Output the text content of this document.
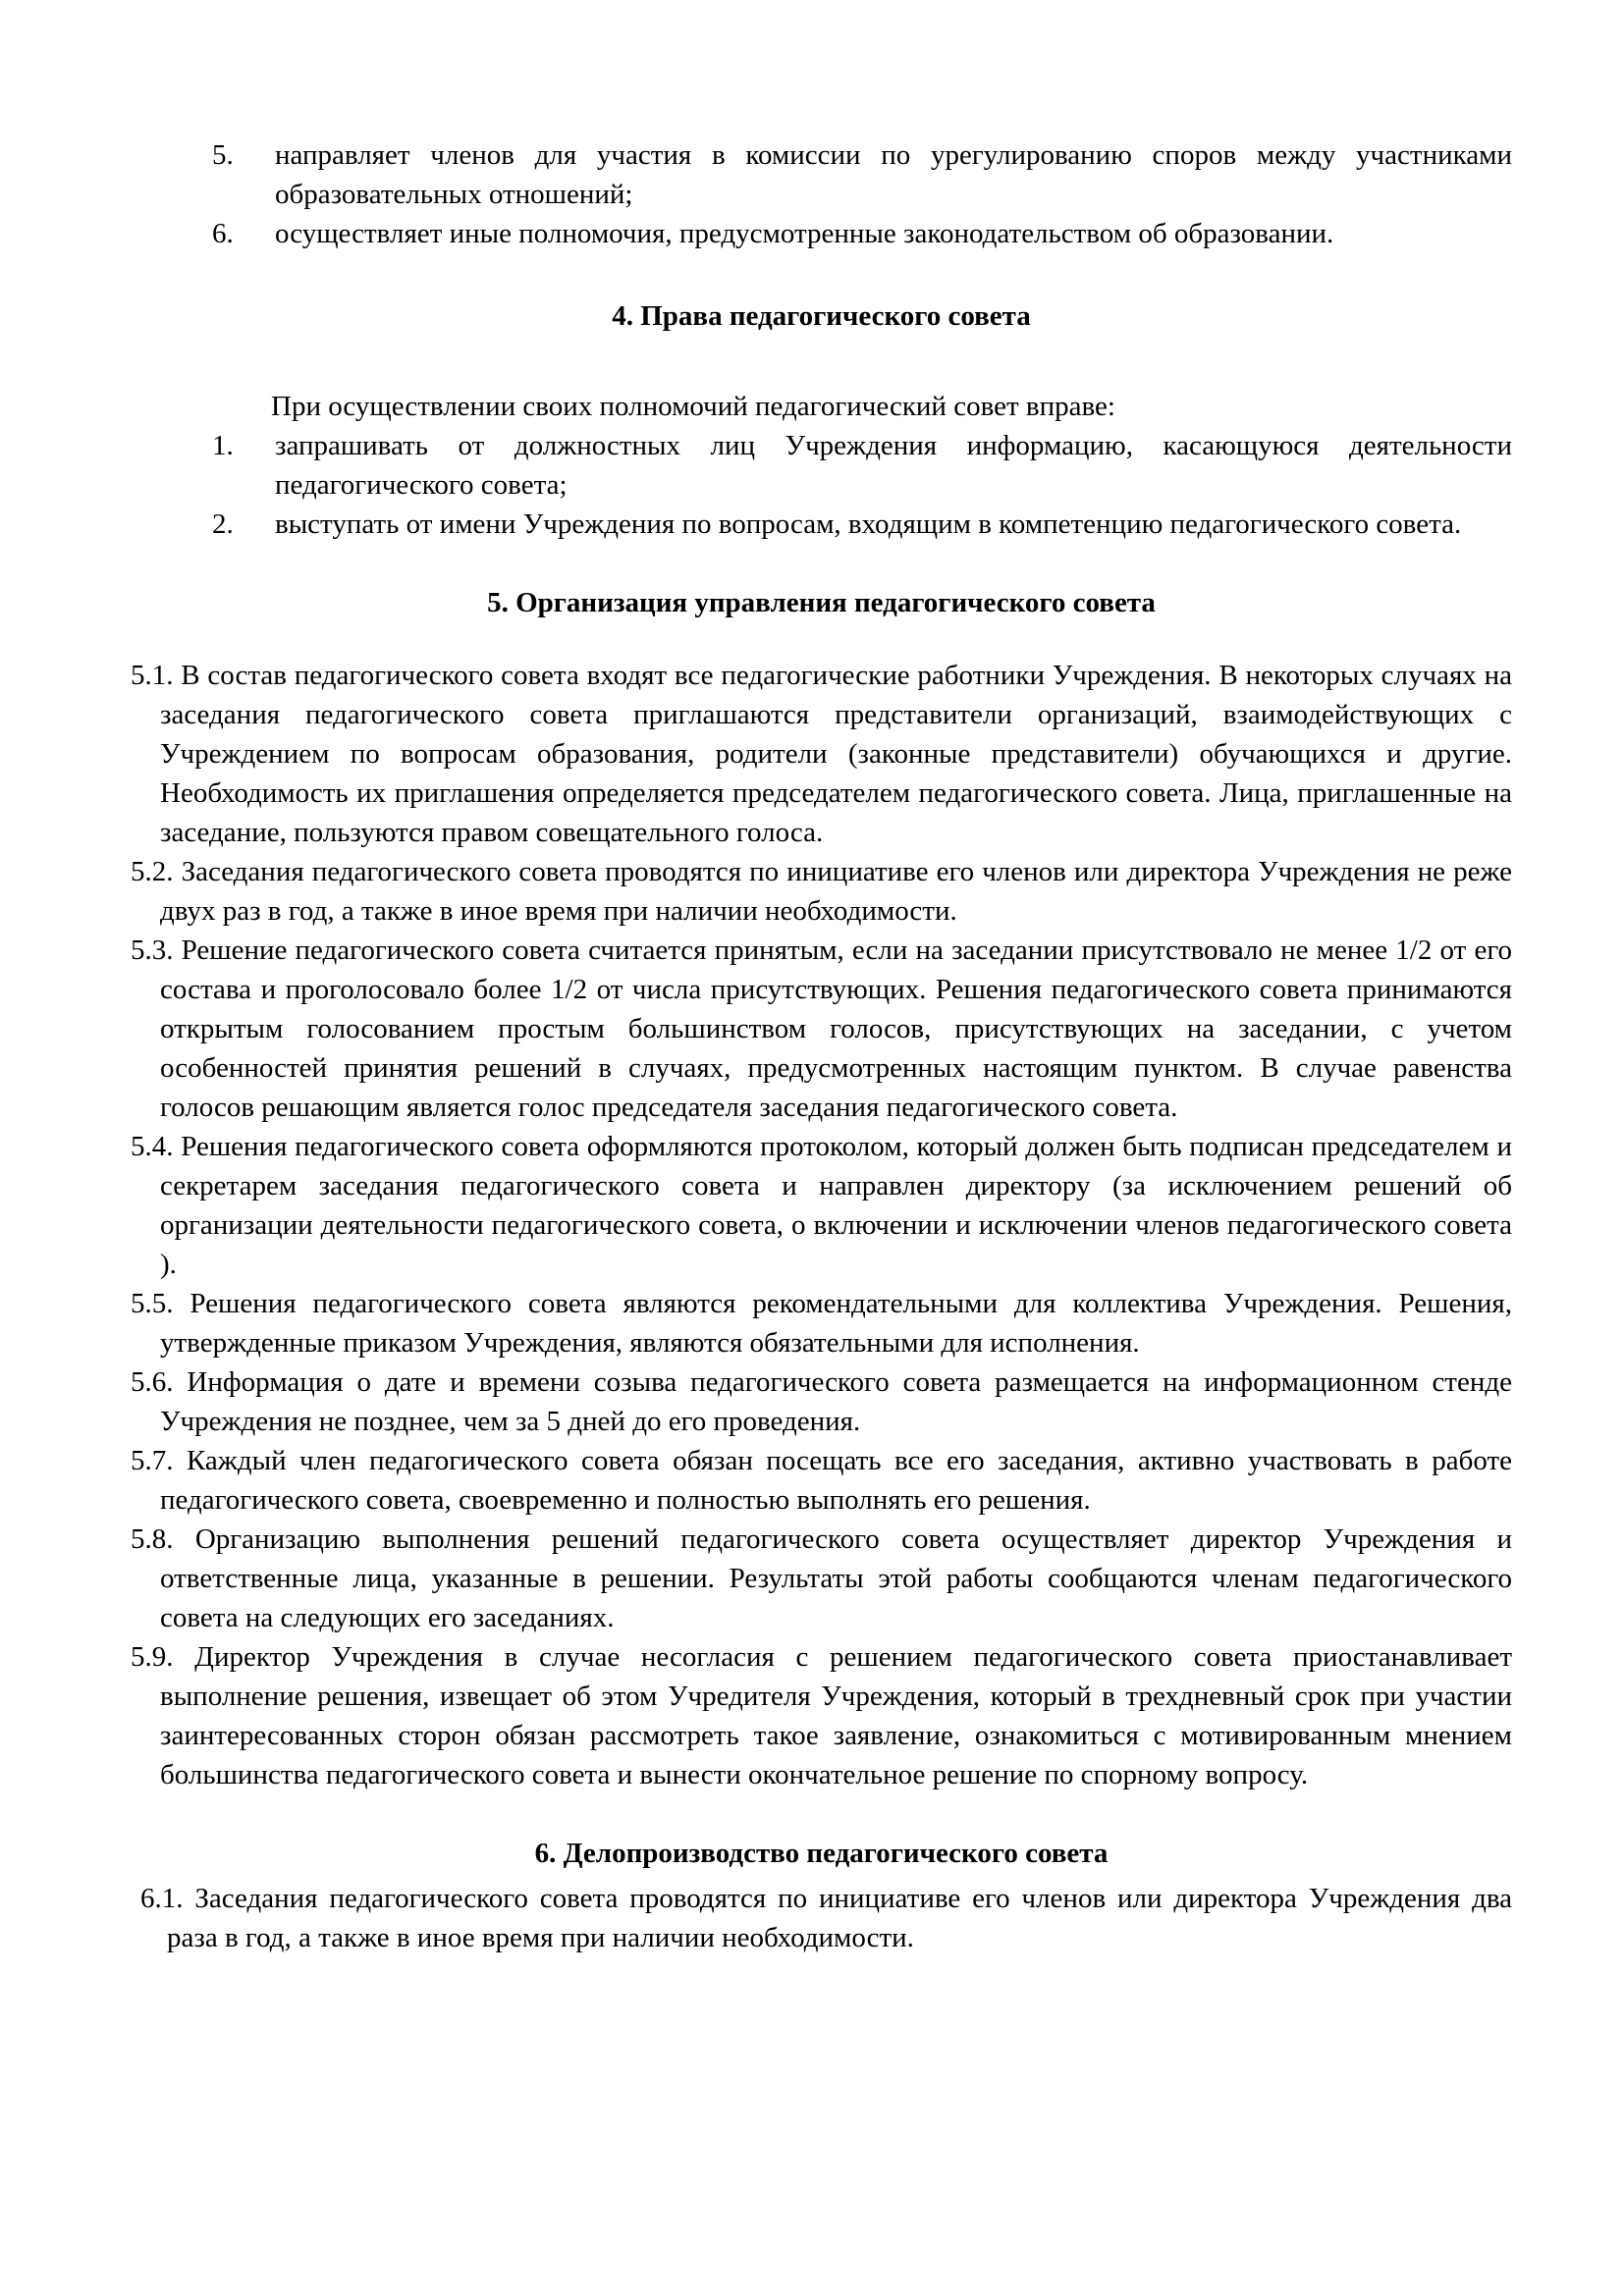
5. направляет членов для участия в комиссии по урегулированию споров между участниками образовательных отношений;
6. осуществляет иные полномочия, предусмотренные законодательством об образовании.
4. Права педагогического совета

При осуществлении своих полномочий педагогический совет вправе:

1. запрашивать от должностных лиц Учреждения информацию, касающуюся деятельности педагогического совета;
2. выступать от имени Учреждения по вопросам, входящим в компетенцию педагогического совета.
5. Организация управления педагогического совета

5.1. В состав педагогического совета входят все педагогические работники Учреждения. В некоторых случаях на заседания педагогического совета приглашаются представители организаций, взаимодействующих с Учреждением по вопросам образования, родители (законные представители) обучающихся и другие. Необходимость их приглашения определяется председателем педагогического совета. Лица, приглашенные на заседание, пользуются правом совещательного голоса.

5.2. Заседания педагогического совета проводятся по инициативе его членов или директора Учреждения не реже двух раз в год, а также в иное время при наличии необходимости.

5.3. Решение педагогического совета считается принятым, если на заседании присутствовало не менее 1/2 от его состава и проголосовало более 1/2 от числа присутствующих. Решения педагогического совета принимаются открытым голосованием простым большинством голосов, присутствующих на заседании, с учетом особенностей принятия решений в случаях, предусмотренных настоящим пунктом. В случае равенства голосов решающим является голос председателя заседания педагогического совета.

5.4. Решения педагогического совета оформляются протоколом, который должен быть подписан председателем и секретарем заседания педагогического совета и направлен директору (за исключением решений об организации деятельности педагогического совета, о включении и исключении членов педагогического совета ).

5.5. Решения педагогического совета являются рекомендательными для коллектива Учреждения. Решения, утвержденные приказом Учреждения, являются обязательными для исполнения.

5.6. Информация о дате и времени созыва педагогического совета размещается на информационном стенде Учреждения не позднее, чем за 5 дней до его проведения.

5.7. Каждый член педагогического совета обязан посещать все его заседания, активно участвовать в работе педагогического совета, своевременно и полностью выполнять его решения.

5.8. Организацию выполнения решений педагогического совета осуществляет директор Учреждения и ответственные лица, указанные в решении. Результаты этой работы сообщаются членам педагогического совета на следующих его заседаниях.

5.9. Директор Учреждения в случае несогласия с решением педагогического совета приостанавливает выполнение решения, извещает об этом Учредителя Учреждения, который в трехдневный срок при участии заинтересованных сторон обязан рассмотреть такое заявление, ознакомиться с мотивированным мнением большинства педагогического совета и вынести окончательное решение по спорному вопросу.

6. Делопроизводство педагогического совета

6.1. Заседания педагогического совета проводятся по инициативе его членов или директора Учреждения два раза в год, а также в иное время при наличии необходимости.
